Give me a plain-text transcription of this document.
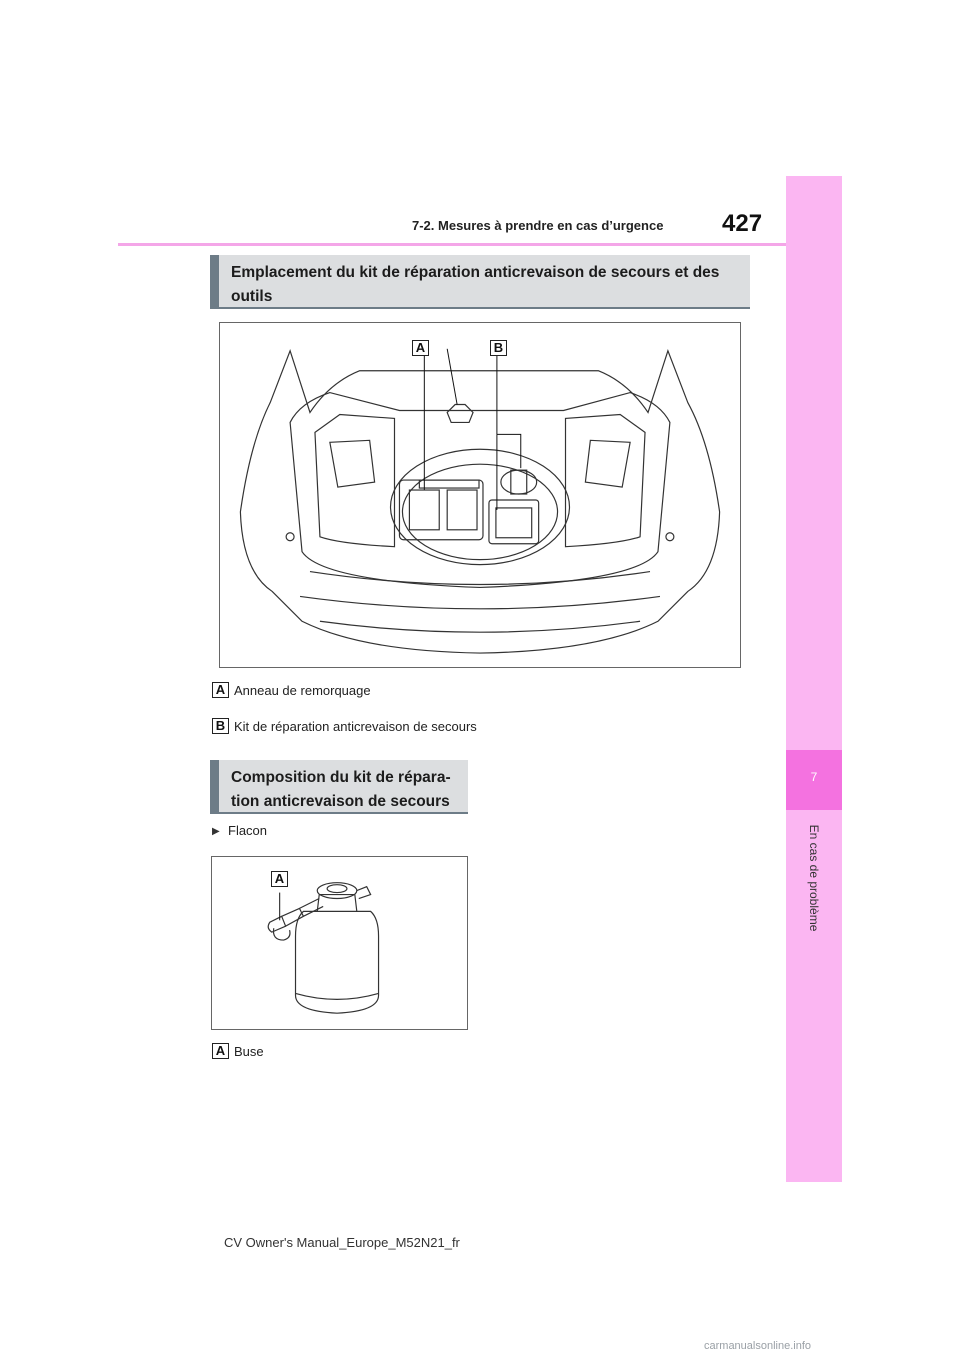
7-2. Mesures à prendre en cas d’urgence 427
7
En cas de problème
Emplacement du kit de réparation anticrevaison de secours et des outils
A	B
A Anneau de remorquage
B Kit de réparation anticrevaison de secours
Composition du kit de répara-tion anticrevaison de secours
▶ Flacon
A
A Buse
CV Owner's Manual_Europe_M52N21_fr
carmanualsonline.info
